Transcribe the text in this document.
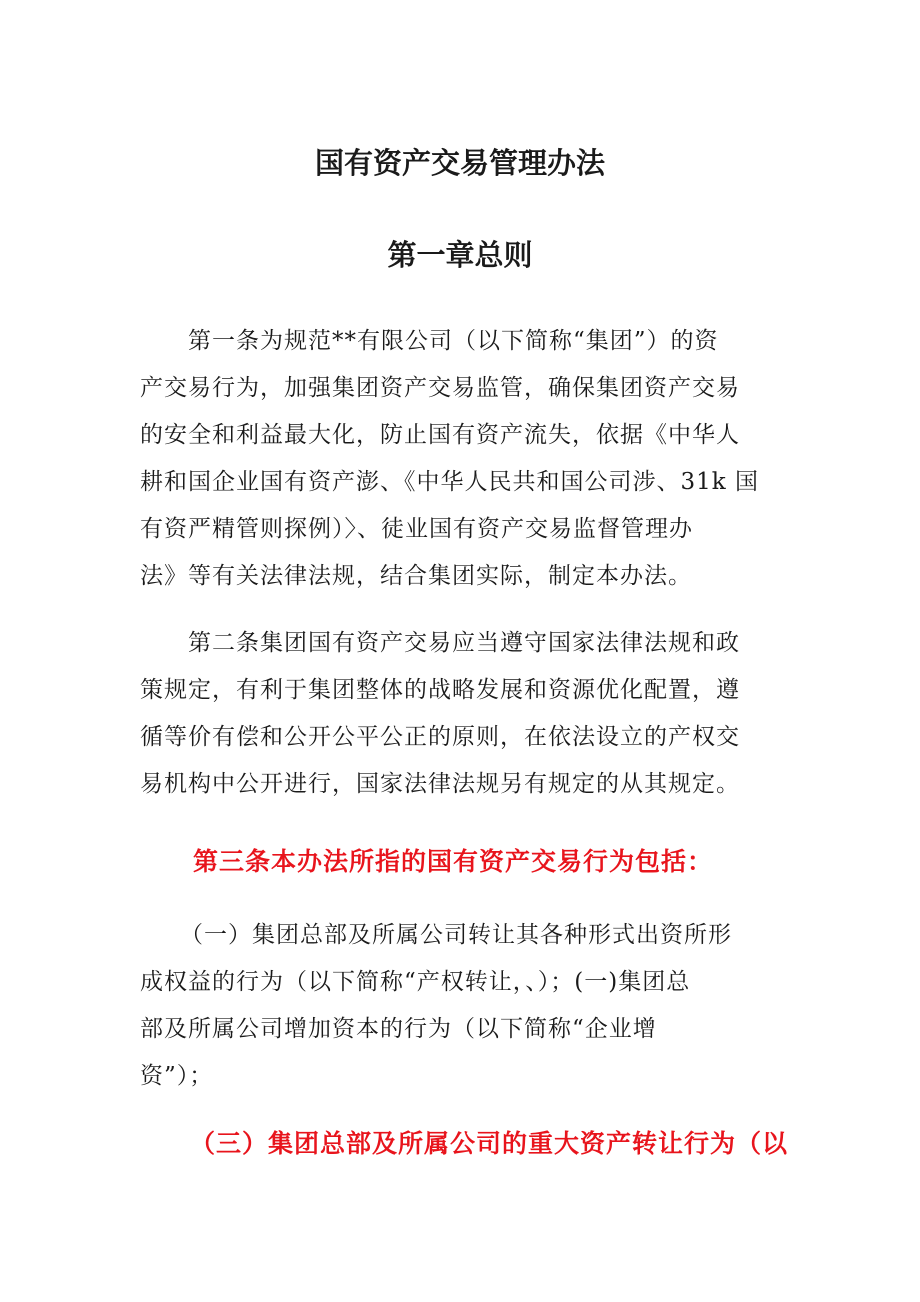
国有资产交易管理办法
第一章总则
第一条为规范**有限公司（以下简称“集团”）的资
产交易行为，加强集团资产交易监管，确保集团资产交易
的安全和利益最大化，防止国有资产流失，依据《中华人
耕和国企业国有资产澎、《中华人民共和国公司涉、31k 国
有资严精管则探例）〉、徒业国有资产交易监督管理办
法》等有关法律法规，结合集团实际，制定本办法。
第二条集团国有资产交易应当遵守国家法律法规和政
策规定，有利于集团整体的战略发展和资源优化配置，遵
循等价有偿和公开公平公正的原则，在依法设立的产权交
易机构中公开进行，国家法律法规另有规定的从其规定。

第三条本办法所指的国有资产交易行为包括：

（一）集团总部及所属公司转让其各种形式出资所形
成权益的行为（以下简称“产权转让，、）；(一)集团总
部及所属公司增加资本的行为（以下简称“企业增
资”）；

（三）集团总部及所属公司的重大资产转让行为（以
